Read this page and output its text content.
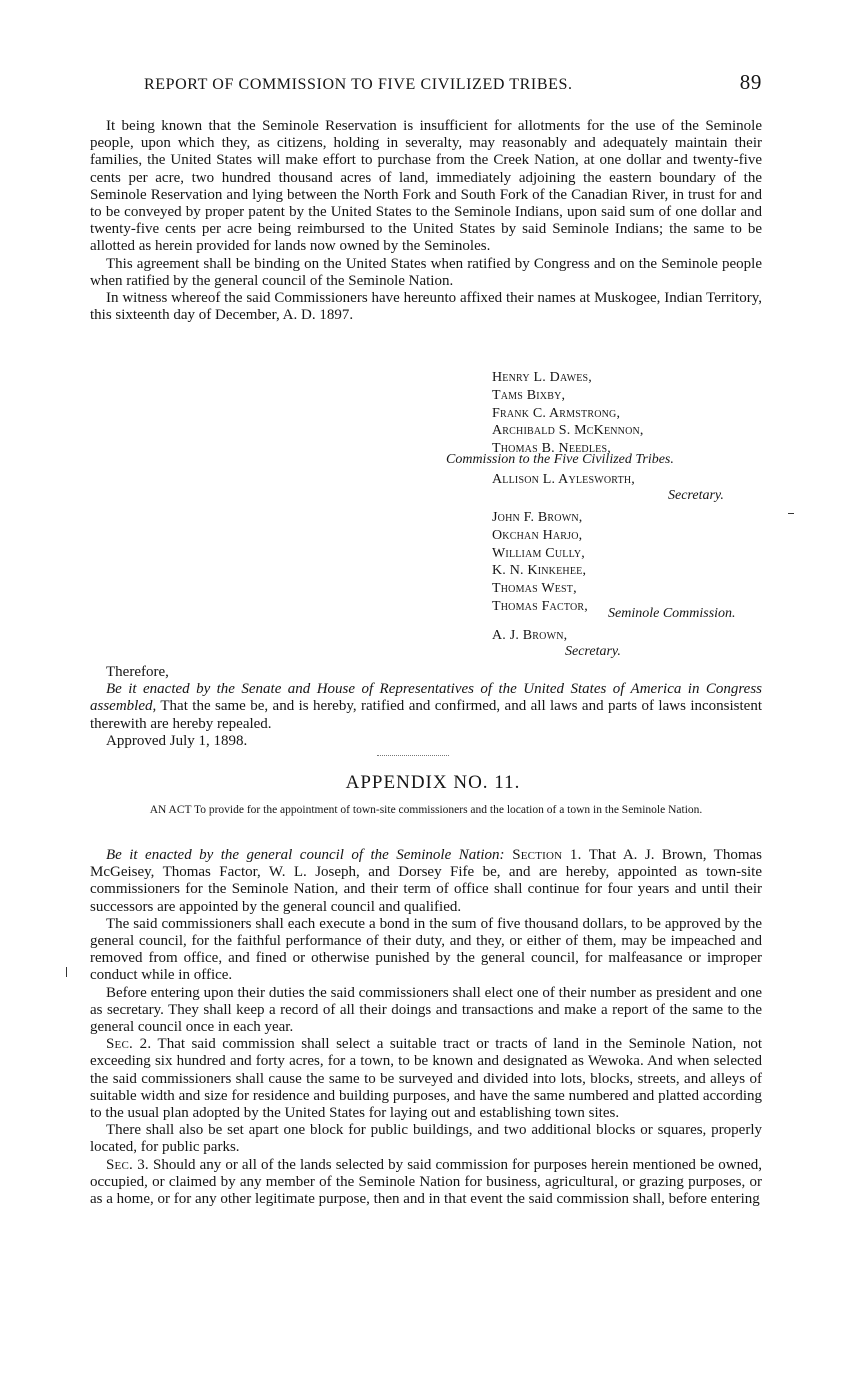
REPORT OF COMMISSION TO FIVE CIVILIZED TRIBES.	89

It being known that the Seminole Reservation is insufficient for allotments for the use of the Seminole people, upon which they, as citizens, holding in severalty, may reasonably and adequately maintain their families, the United States will make effort to purchase from the Creek Nation, at one dollar and twenty-five cents per acre, two hundred thousand acres of land, immediately adjoining the eastern boundary of the Seminole Reservation and lying between the North Fork and South Fork of the Canadian River, in trust for and to be conveyed by proper patent by the United States to the Seminole Indians, upon said sum of one dollar and twenty-five cents per acre being reimbursed to the United States by said Seminole Indians; the same to be allotted as herein provided for lands now owned by the Seminoles.

This agreement shall be binding on the United States when ratified by Congress and on the Seminole people when ratified by the general council of the Seminole Nation.

In witness whereof the said Commissioners have hereunto affixed their names at Muskogee, Indian Territory, this sixteenth day of December, A. D. 1897.

Henry L. Dawes,
Tams Bixby,
Frank C. Armstrong,
Archibald S. McKennon,
Thomas B. Needles,
Commission to the Five Civilized Tribes.
Allison L. Aylesworth,
Secretary.
John F. Brown,
Okchan Harjo,
William Cully,
K. N. Kinkehee,
Thomas West,
Thomas Factor, Seminole Commission.
A. J. Brown,
Secretary.

Therefore,

Be it enacted by the Senate and House of Representatives of the United States of America in Congress assembled, That the same be, and is hereby, ratified and confirmed, and all laws and parts of laws inconsistent therewith are hereby repealed.

Approved July 1, 1898.

APPENDIX NO. 11.
AN ACT To provide for the appointment of town-site commissioners and the location of a town in the Seminole Nation.

Be it enacted by the general council of the Seminole Nation: Section 1. That A. J. Brown, Thomas McGeisey, Thomas Factor, W. L. Joseph, and Dorsey Fife be, and are hereby, appointed as town-site commissioners for the Seminole Nation, and their term of office shall continue for four years and until their successors are appointed by the general council and qualified.

The said commissioners shall each execute a bond in the sum of five thousand dollars, to be approved by the general council, for the faithful performance of their duty, and they, or either of them, may be impeached and removed from office, and fined or otherwise punished by the general council, for malfeasance or improper conduct while in office.

Before entering upon their duties the said commissioners shall elect one of their number as president and one as secretary. They shall keep a record of all their doings and transactions and make a report of the same to the general council once in each year.

Sec. 2. That said commission shall select a suitable tract or tracts of land in the Seminole Nation, not exceeding six hundred and forty acres, for a town, to be known and designated as Wewoka. And when selected the said commissioners shall cause the same to be surveyed and divided into lots, blocks, streets, and alleys of suitable width and size for residence and building purposes, and have the same numbered and platted according to the usual plan adopted by the United States for laying out and establishing town sites.

There shall also be set apart one block for public buildings, and two additional blocks or squares, properly located, for public parks.

Sec. 3. Should any or all of the lands selected by said commission for purposes herein mentioned be owned, occupied, or claimed by any member of the Seminole Nation for business, agricultural, or grazing purposes, or as a home, or for any other legitimate purpose, then and in that event the said commission shall, before entering
